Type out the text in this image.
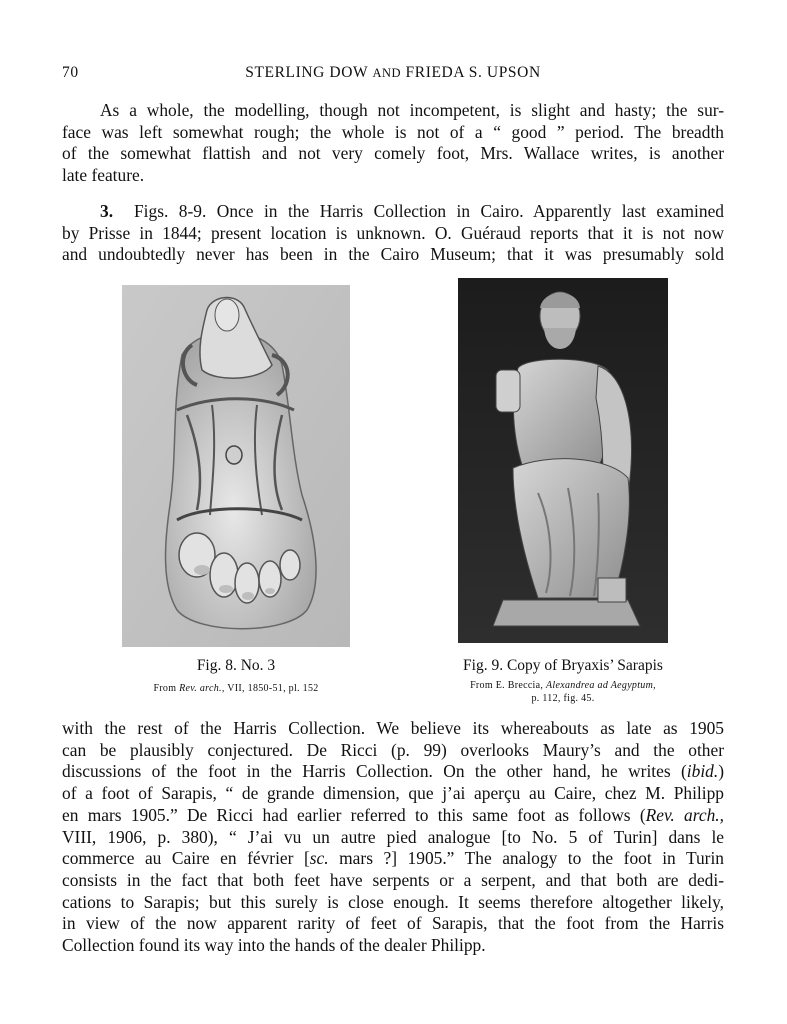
70	STERLING DOW AND FRIEDA S. UPSON
As a whole, the modelling, though not incompetent, is slight and hasty; the sur-
face was left somewhat rough; the whole is not of a “ good ” period. The breadth
of the somewhat flattish and not very comely foot, Mrs. Wallace writes, is another
late feature.
3. Figs. 8-9. Once in the Harris Collection in Cairo. Apparently last examined
by Prisse in 1844; present location is unknown. O. Guéraud reports that it is not now
and undoubtedly never has been in the Cairo Museum; that it was presumably sold
Fig. 8. No. 3
From Rev. arch., VII, 1850-51, pl. 152
Fig. 9. Copy of Bryaxis’ Sarapis
From E. Breccia, Alexandrea ad Aegyptum,
p. 112, fig. 45.
with the rest of the Harris Collection. We believe its whereabouts as late as 1905
can be plausibly conjectured. De Ricci (p. 99) overlooks Maury’s and the other
discussions of the foot in the Harris Collection. On the other hand, he writes (ibid.)
of a foot of Sarapis, “ de grande dimension, que j’ai aperçu au Caire, chez M. Philipp
en mars 1905.” De Ricci had earlier referred to this same foot as follows (Rev. arch.,
VIII, 1906, p. 380), “ J’ai vu un autre pied analogue [to No. 5 of Turin] dans le
commerce au Caire en février [sc. mars ?] 1905.” The analogy to the foot in Turin
consists in the fact that both feet have serpents or a serpent, and that both are dedi-
cations to Sarapis; but this surely is close enough. It seems therefore altogether likely,
in view of the now apparent rarity of feet of Sarapis, that the foot from the Harris
Collection found its way into the hands of the dealer Philipp.
